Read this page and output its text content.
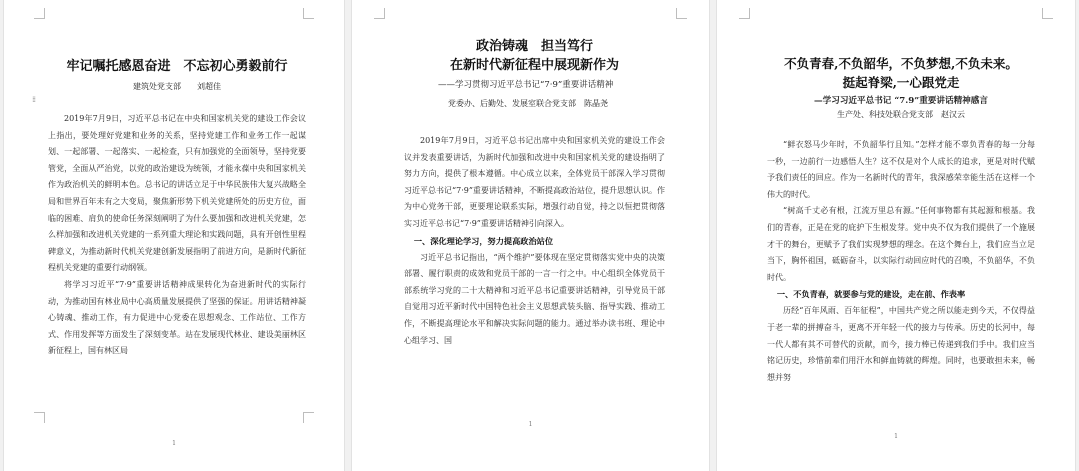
⁞⁞
牢记嘱托感恩奋进　不忘初心勇毅前行
建筑处党支部　　刘超佳

2019年7月9日，习近平总书记在中央和国家机关党的建设工作会议上指出，要处理好党建和业务的关系，坚持党建工作和业务工作一起谋划、一起部署、一起落实、一起检查，只有加强党的全面领导，坚持党要管党，全面从严治党，以党的政治建设为统领，才能永葆中央和国家机关作为政治机关的鲜明本色。总书记的讲话立足于中华民族伟大复兴战略全局和世界百年未有之大变局，聚焦新形势下机关党建所处的历史方位，面临的困难、肩负的使命任务深刻阐明了为什么要加强和改进机关党建，怎么样加强和改进机关党建的一系列重大理论和实践问题，具有开创性里程碑意义，为推动新时代机关党建创新发展指明了前进方向，是新时代新征程机关党建的重要行动纲领。

将学习习近平“7·9”重要讲话精神成果转化为奋进新时代的实际行动，为推动国有林业局中心高质量发展提供了坚强的保证。用讲话精神凝心铸魂、推动工作，有力促进中心党委在思想观念、工作站位、工作方式、作用发挥等方面发生了深刻变革。站在发展现代林业、建设美丽林区新征程上，国有林区局

1
政治铸魂　担当笃行
在新时代新征程中展现新作为
——学习贯彻习近平总书记“7·9”重要讲话精神
党委办、后勤处、发展室联合党支部　陈晶尧

2019年7月9日，习近平总书记出席中央和国家机关党的建设工作会议并发表重要讲话，为新时代加强和改进中央和国家机关党的建设指明了努力方向，提供了根本遵循。中心成立以来，全体党员干部深入学习贯彻习近平总书记“7·9”重要讲话精神，不断提高政治站位，提升思想认识。作为中心党务干部，更要理论联系实际，增强行动自觉，持之以恒把贯彻落实习近平总书记“7·9”重要讲话精神引向深入。

一、深化理论学习，努力提高政治站位

习近平总书记指出，“两个维护”要体现在坚定贯彻落实党中央的决策部署、履行职责的成效和党员干部的一言一行之中。中心组织全体党员干部系统学习党的二十大精神和习近平总书记重要讲话精神，引导党员干部自觉用习近平新时代中国特色社会主义思想武装头脑、指导实践、推动工作，不断提高理论水平和解决实际问题的能力。通过举办读书班、理论中心组学习、国

1
不负青春,不负韶华，不负梦想,不负未来。
挺起脊梁,一心跟党走
—学习习近平总书记 “7.9”重要讲话精神感言
生产处、科技处联合党支部　赵汉云

“鲜衣怒马少年时，不负韶华行且知。”怎样才能不辜负青春的每一分每一秒，一边前行一边感悟人生？这不仅是对个人成长的追求，更是对时代赋予我们责任的回应。作为一名新时代的青年，我深感荣幸能生活在这样一个伟大的时代。

“树高千丈必有根，江流万里总有源。”任何事物都有其起源和根基。我们的青春，正是在党的庇护下生根发芽。党中央不仅为我们提供了一个施展才干的舞台，更赋予了我们实现梦想的理念。在这个舞台上，我们应当立足当下，胸怀祖国，砥砺奋斗，以实际行动回应时代的召唤，不负韶华，不负时代。

一、不负青春，就要参与党的建设，走在前、作表率

历经“百年风雨、百年征程”，中国共产党之所以能走到今天，不仅得益于老一辈的拼搏奋斗，更离不开年轻一代的接力与传承。历史的长河中，每一代人都有其不可替代的贡献，而今，接力棒已传递到我们手中。我们应当铭记历史，珍惜前辈们用汗水和鲜血铸就的辉煌。同时，也要敢担未来，畅想并努

1
